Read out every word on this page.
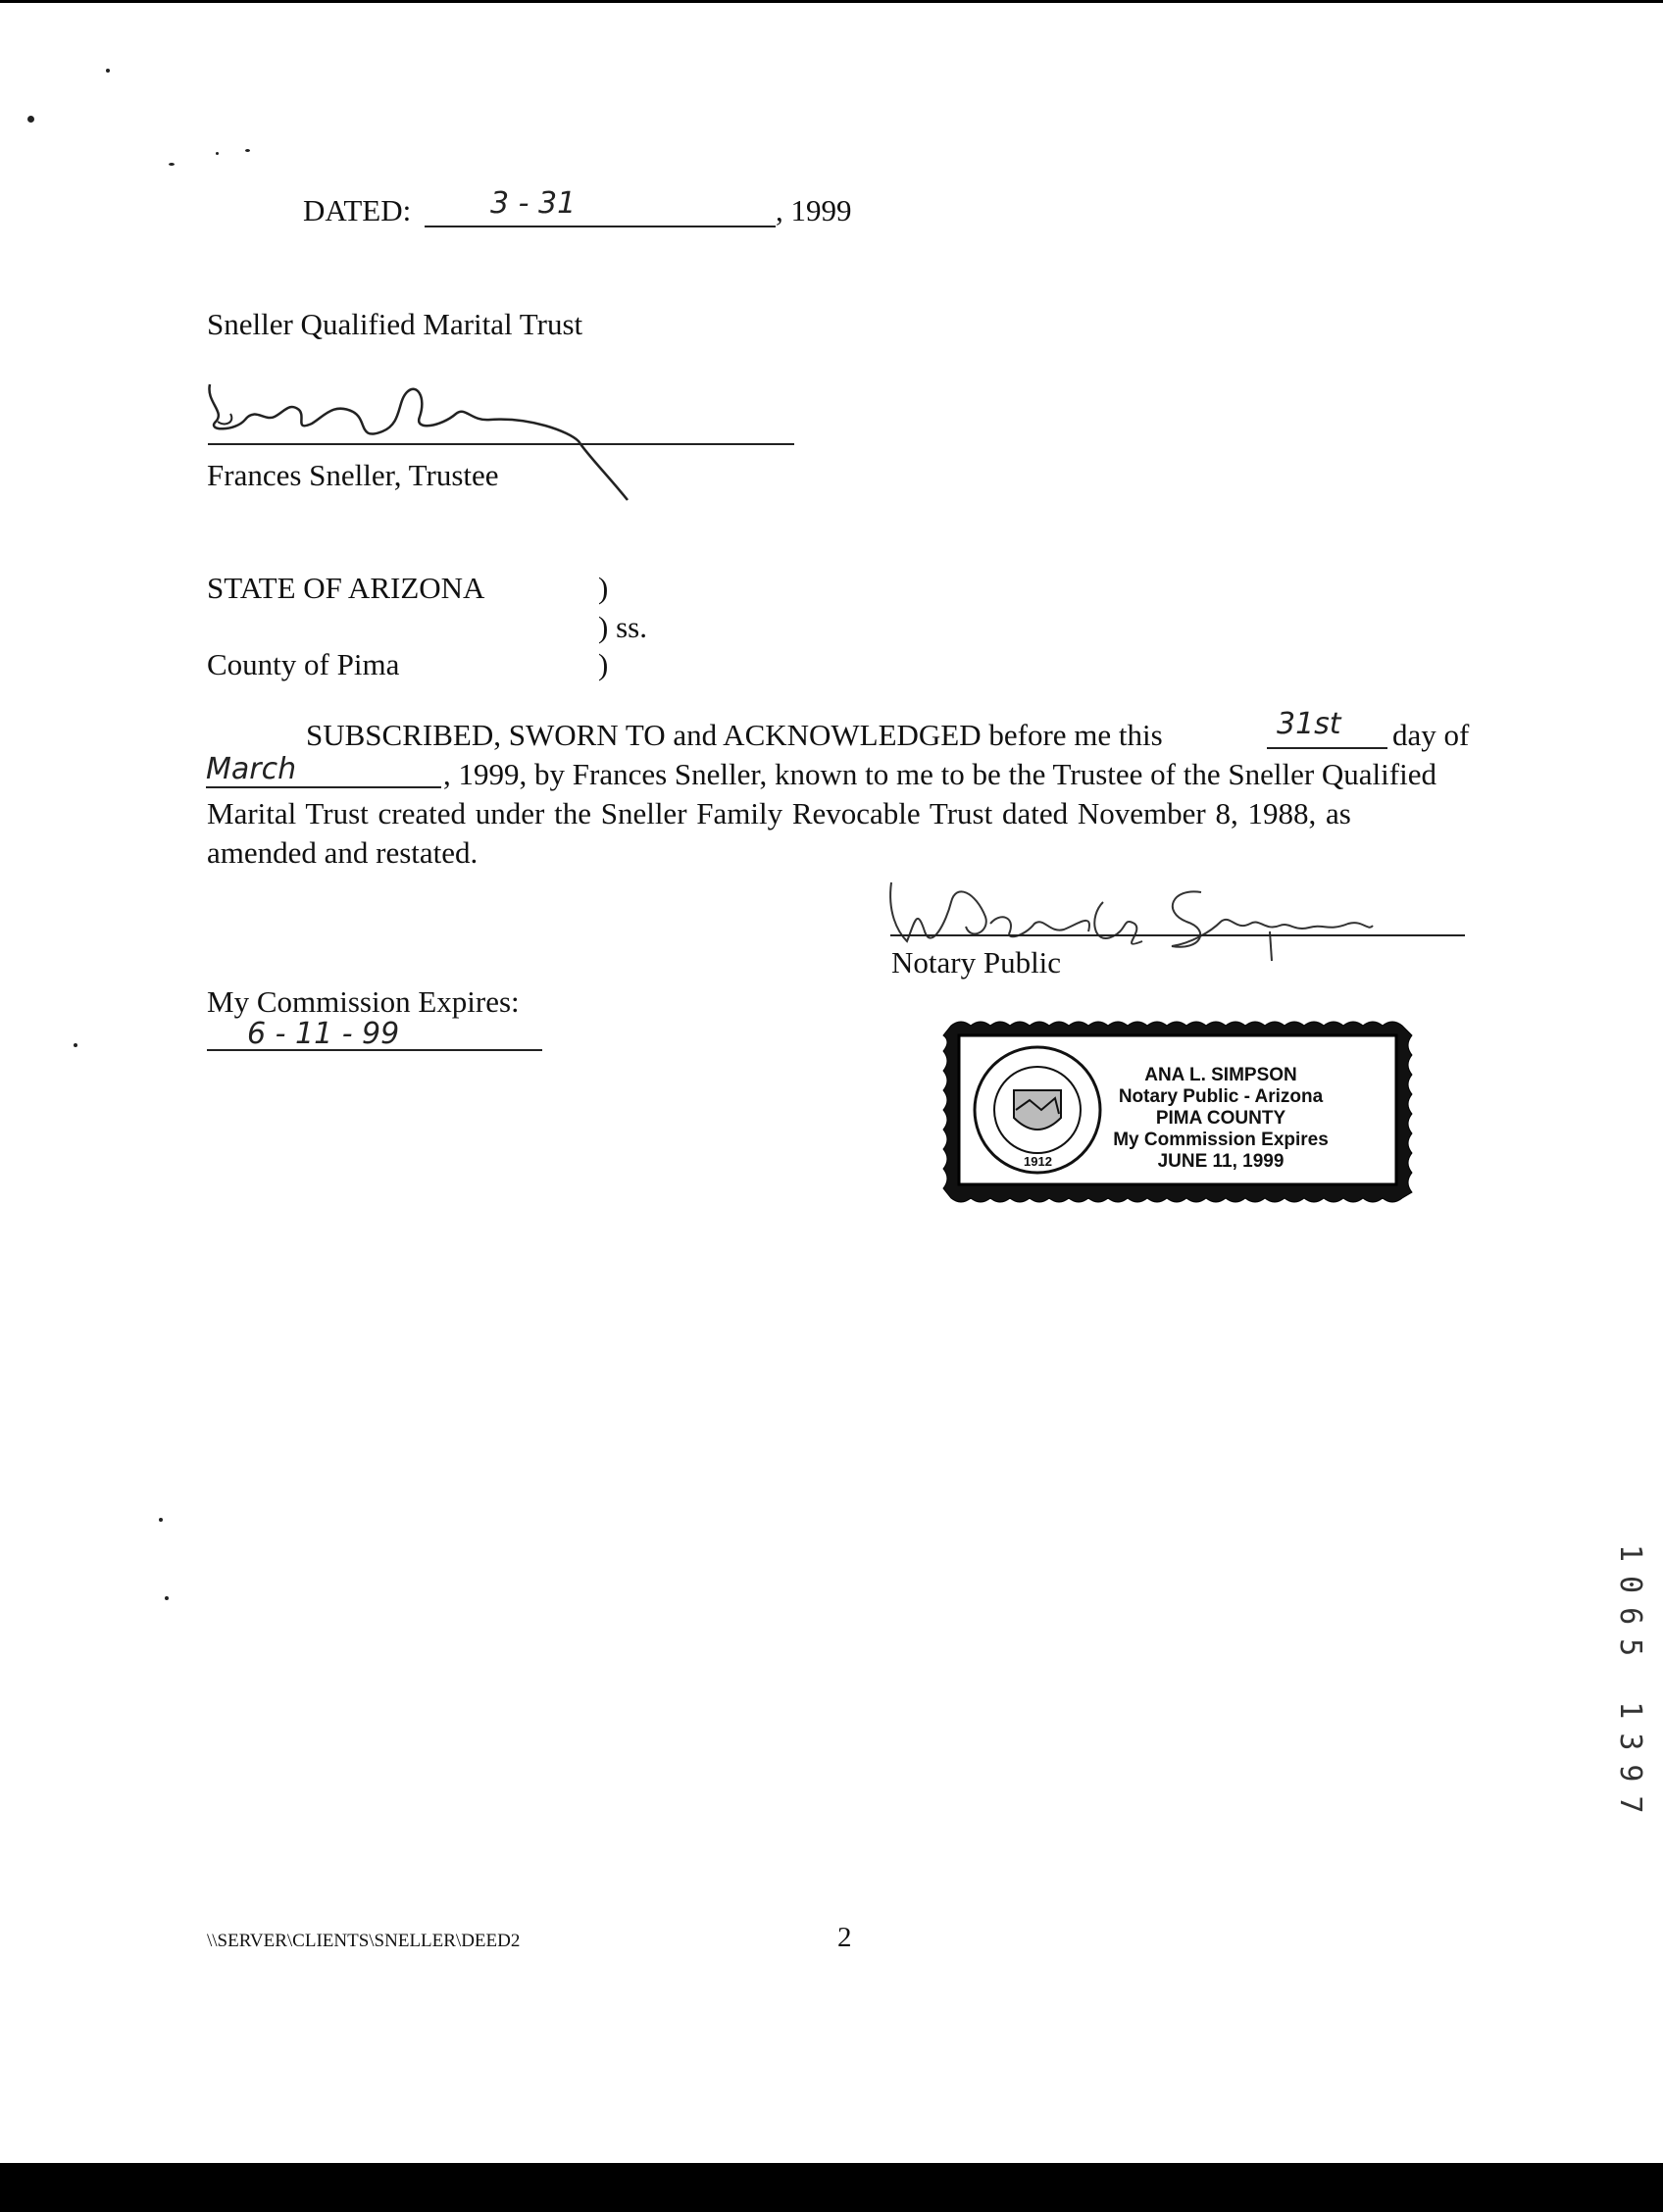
DATED:	3 - 31	, 1999
Sneller Qualified Marital Trust
Frances Sneller, Trustee
STATE OF ARIZONA	)
) ss.
County of Pima	)
SUBSCRIBED, SWORN TO and ACKNOWLEDGED before me this	31st day of
March	, 1999, by Frances Sneller, known to me to be the Trustee of the Sneller Qualified
Marital Trust created under the Sneller Family Revocable Trust dated November 8, 1988, as
amended and restated.
Notary Public
My Commission Expires:
6 - 11 - 99
1912
ANA L. SIMPSON
Notary Public - Arizona
PIMA COUNTY
My Commission Expires
JUNE 11, 1999
1065 1397
\\SERVER\CLIENTS\SNELLER\DEED2	2
